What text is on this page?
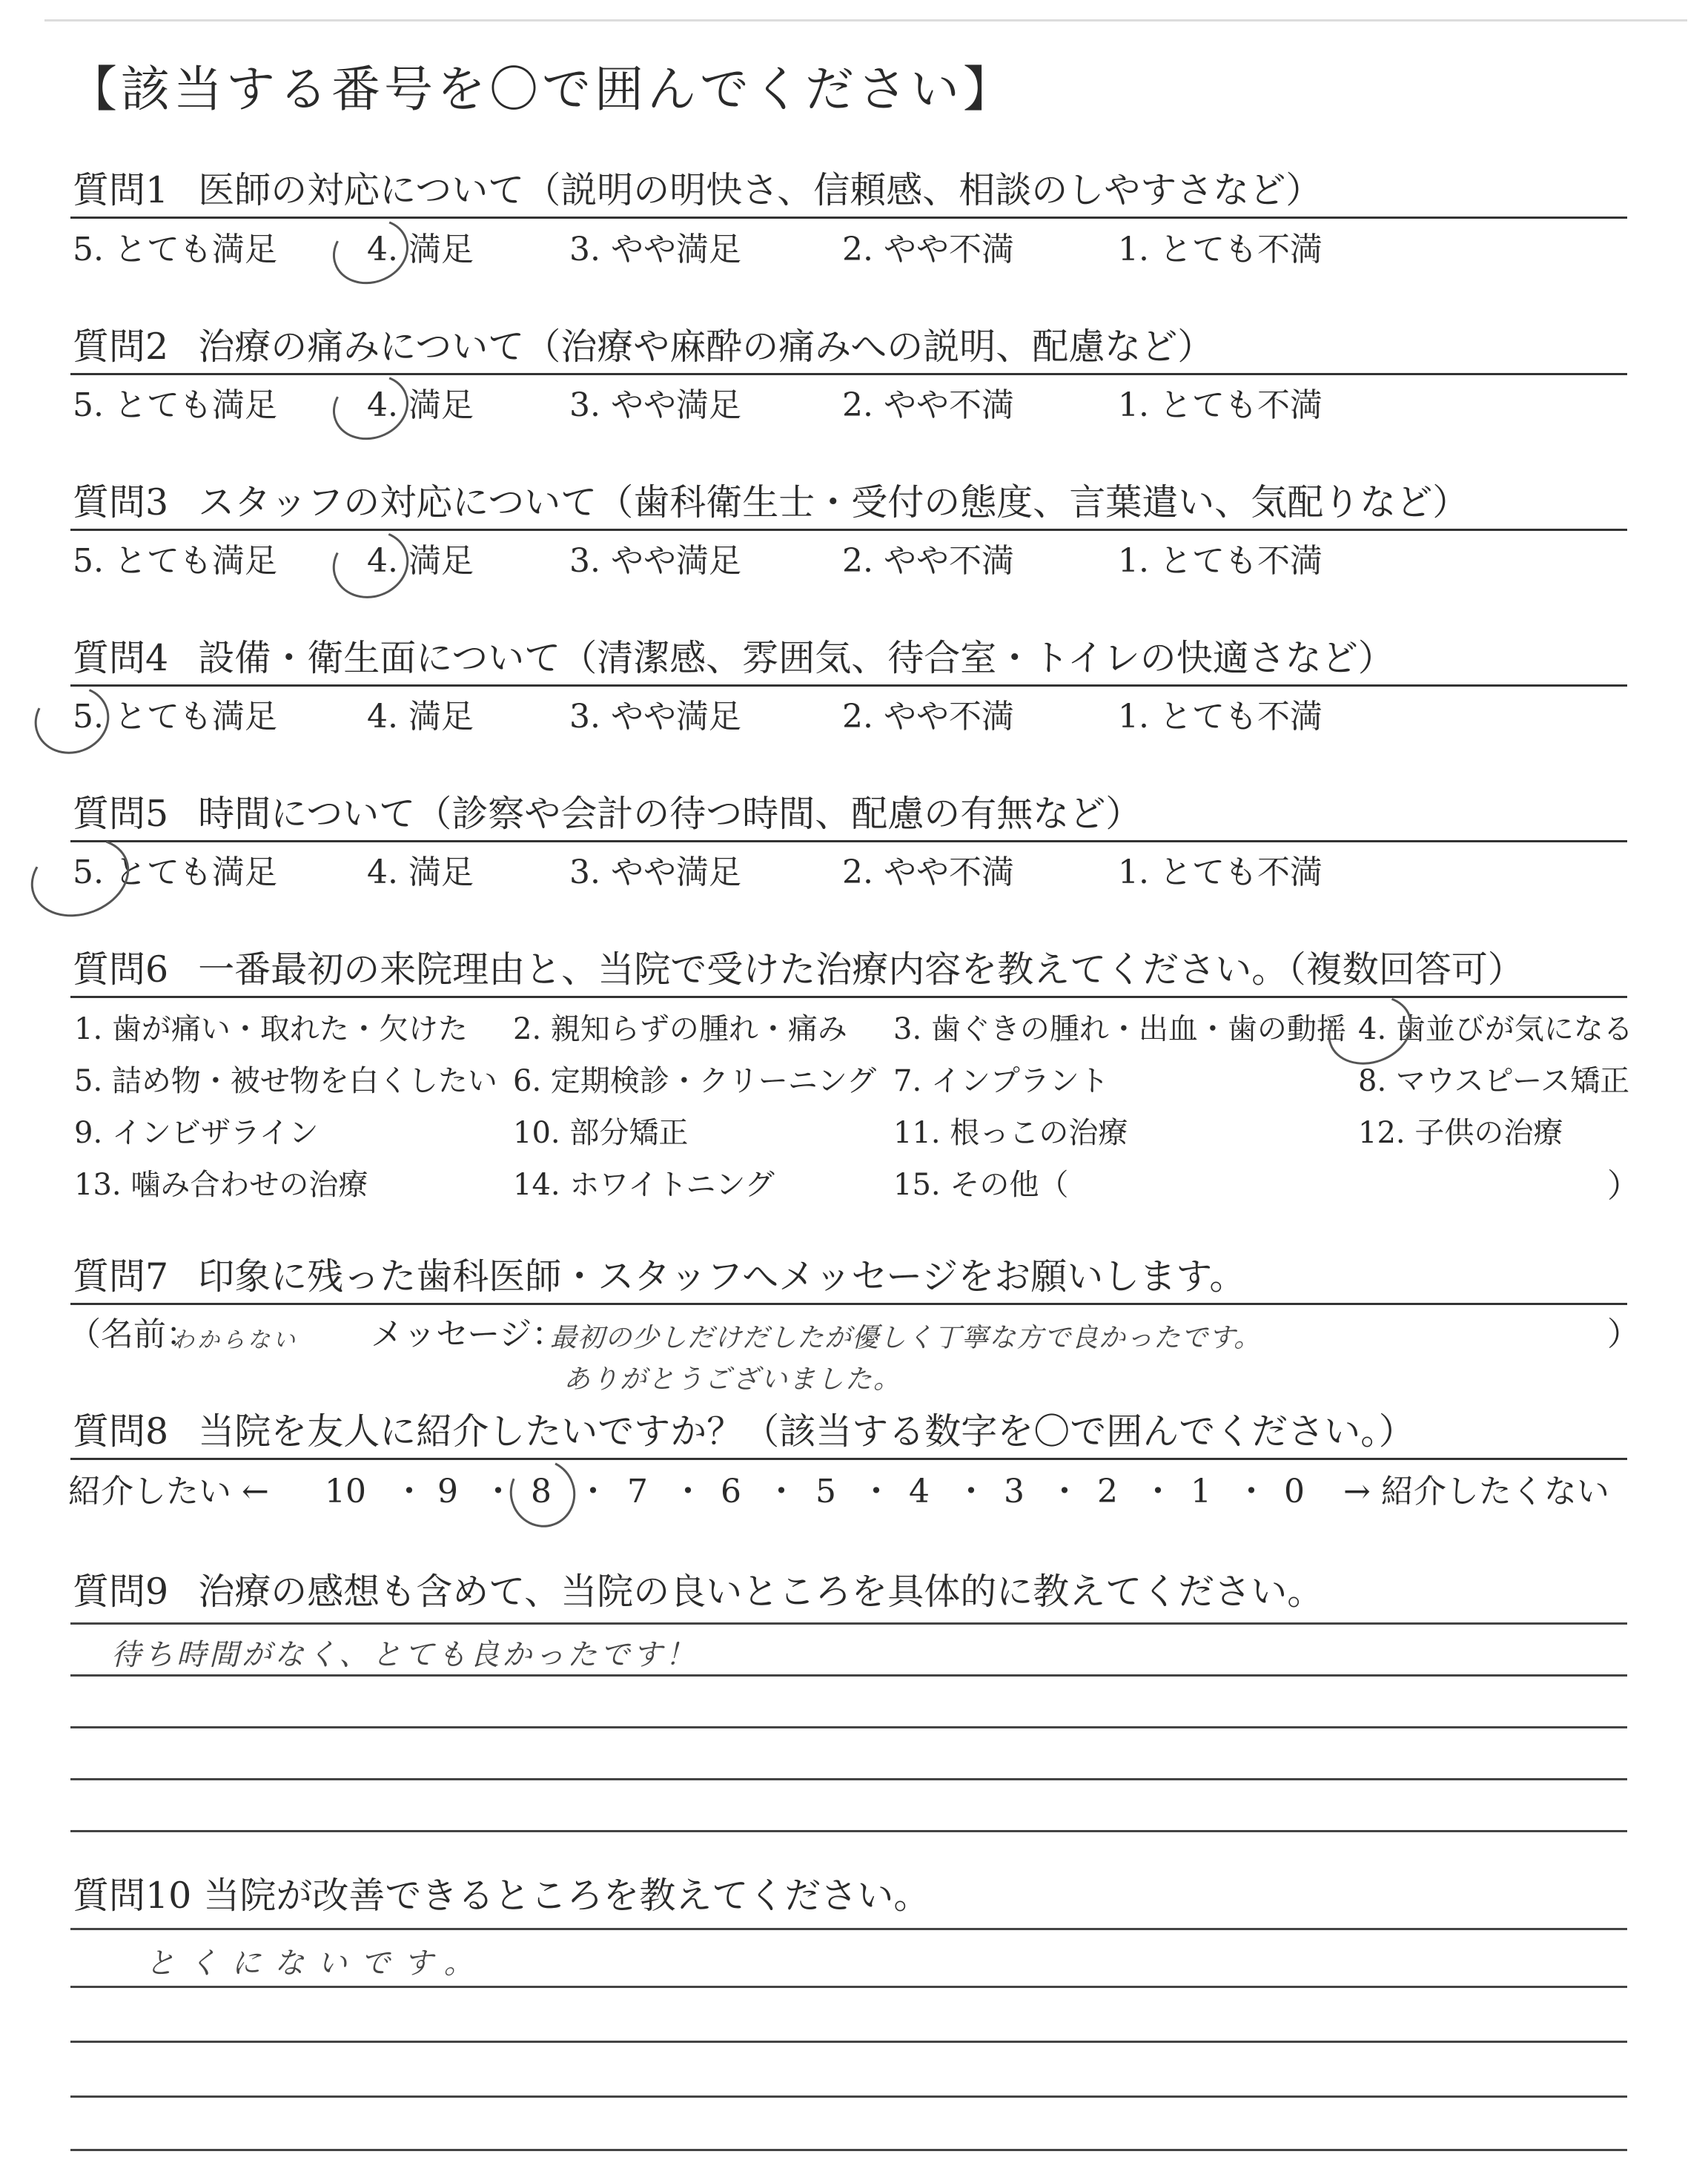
【該当する番号を〇で囲んでください】
質問1 医師の対応について（説明の明快さ、信頼感、相談のしやすさなど）
5. とても満足	4. 満足	3. やや満足	2. やや不満	1. とても不満
質問2 治療の痛みについて（治療や麻酔の痛みへの説明、配慮など）
5. とても満足	4. 満足	3. やや満足	2. やや不満	1. とても不満
質問3 スタッフの対応について（歯科衛生士・受付の態度、言葉遣い、気配りなど）
5. とても満足	4. 満足	3. やや満足	2. やや不満	1. とても不満
質問4 設備・衛生面について（清潔感、雰囲気、待合室・トイレの快適さなど）
5. とても満足	4. 満足	3. やや満足	2. やや不満	1. とても不満
質問5 時間について（診察や会計の待つ時間、配慮の有無など）
5. とても満足	4. 満足	3. やや満足	2. やや不満	1. とても不満
質問6 一番最初の来院理由と、当院で受けた治療内容を教えてください。（複数回答可）
1. 歯が痛い・取れた・欠けた 2. 親知らずの腫れ・痛み 3. 歯ぐきの腫れ・出血・歯の動揺 4. 歯並びが気になる
5. 詰め物・被せ物を白くしたい 6. 定期検診・クリーニング 7. インプラント	8. マウスピース矯正
9. インビザライン	10. 部分矯正	11. 根っこの治療	12. 子供の治療
13. 噛み合わせの治療	14. ホワイトニング	15. その他（	）
質問7 印象に残った歯科医師・スタッフへメッセージをお願いします。
（名前：
わからない メッセージ：
最初の少しだけだしたが優しく丁寧な方で良かったです。
ありがとうございました。
）
質問8 当院を友人に紹介したいですか？（該当する数字を〇で囲んでください。）
紹介したい ← 10 ・ 9 ・ 8 ・ 7 ・ 6 ・ 5 ・ 4 ・ 3 ・ 2 ・ 1 ・ 0 → 紹介したくない
質問9 治療の感想も含めて、当院の良いところを具体的に教えてください。
待ち時間がなく、とても良かったです！
質問10 当院が改善できるところを教えてください。
とくにないです。
